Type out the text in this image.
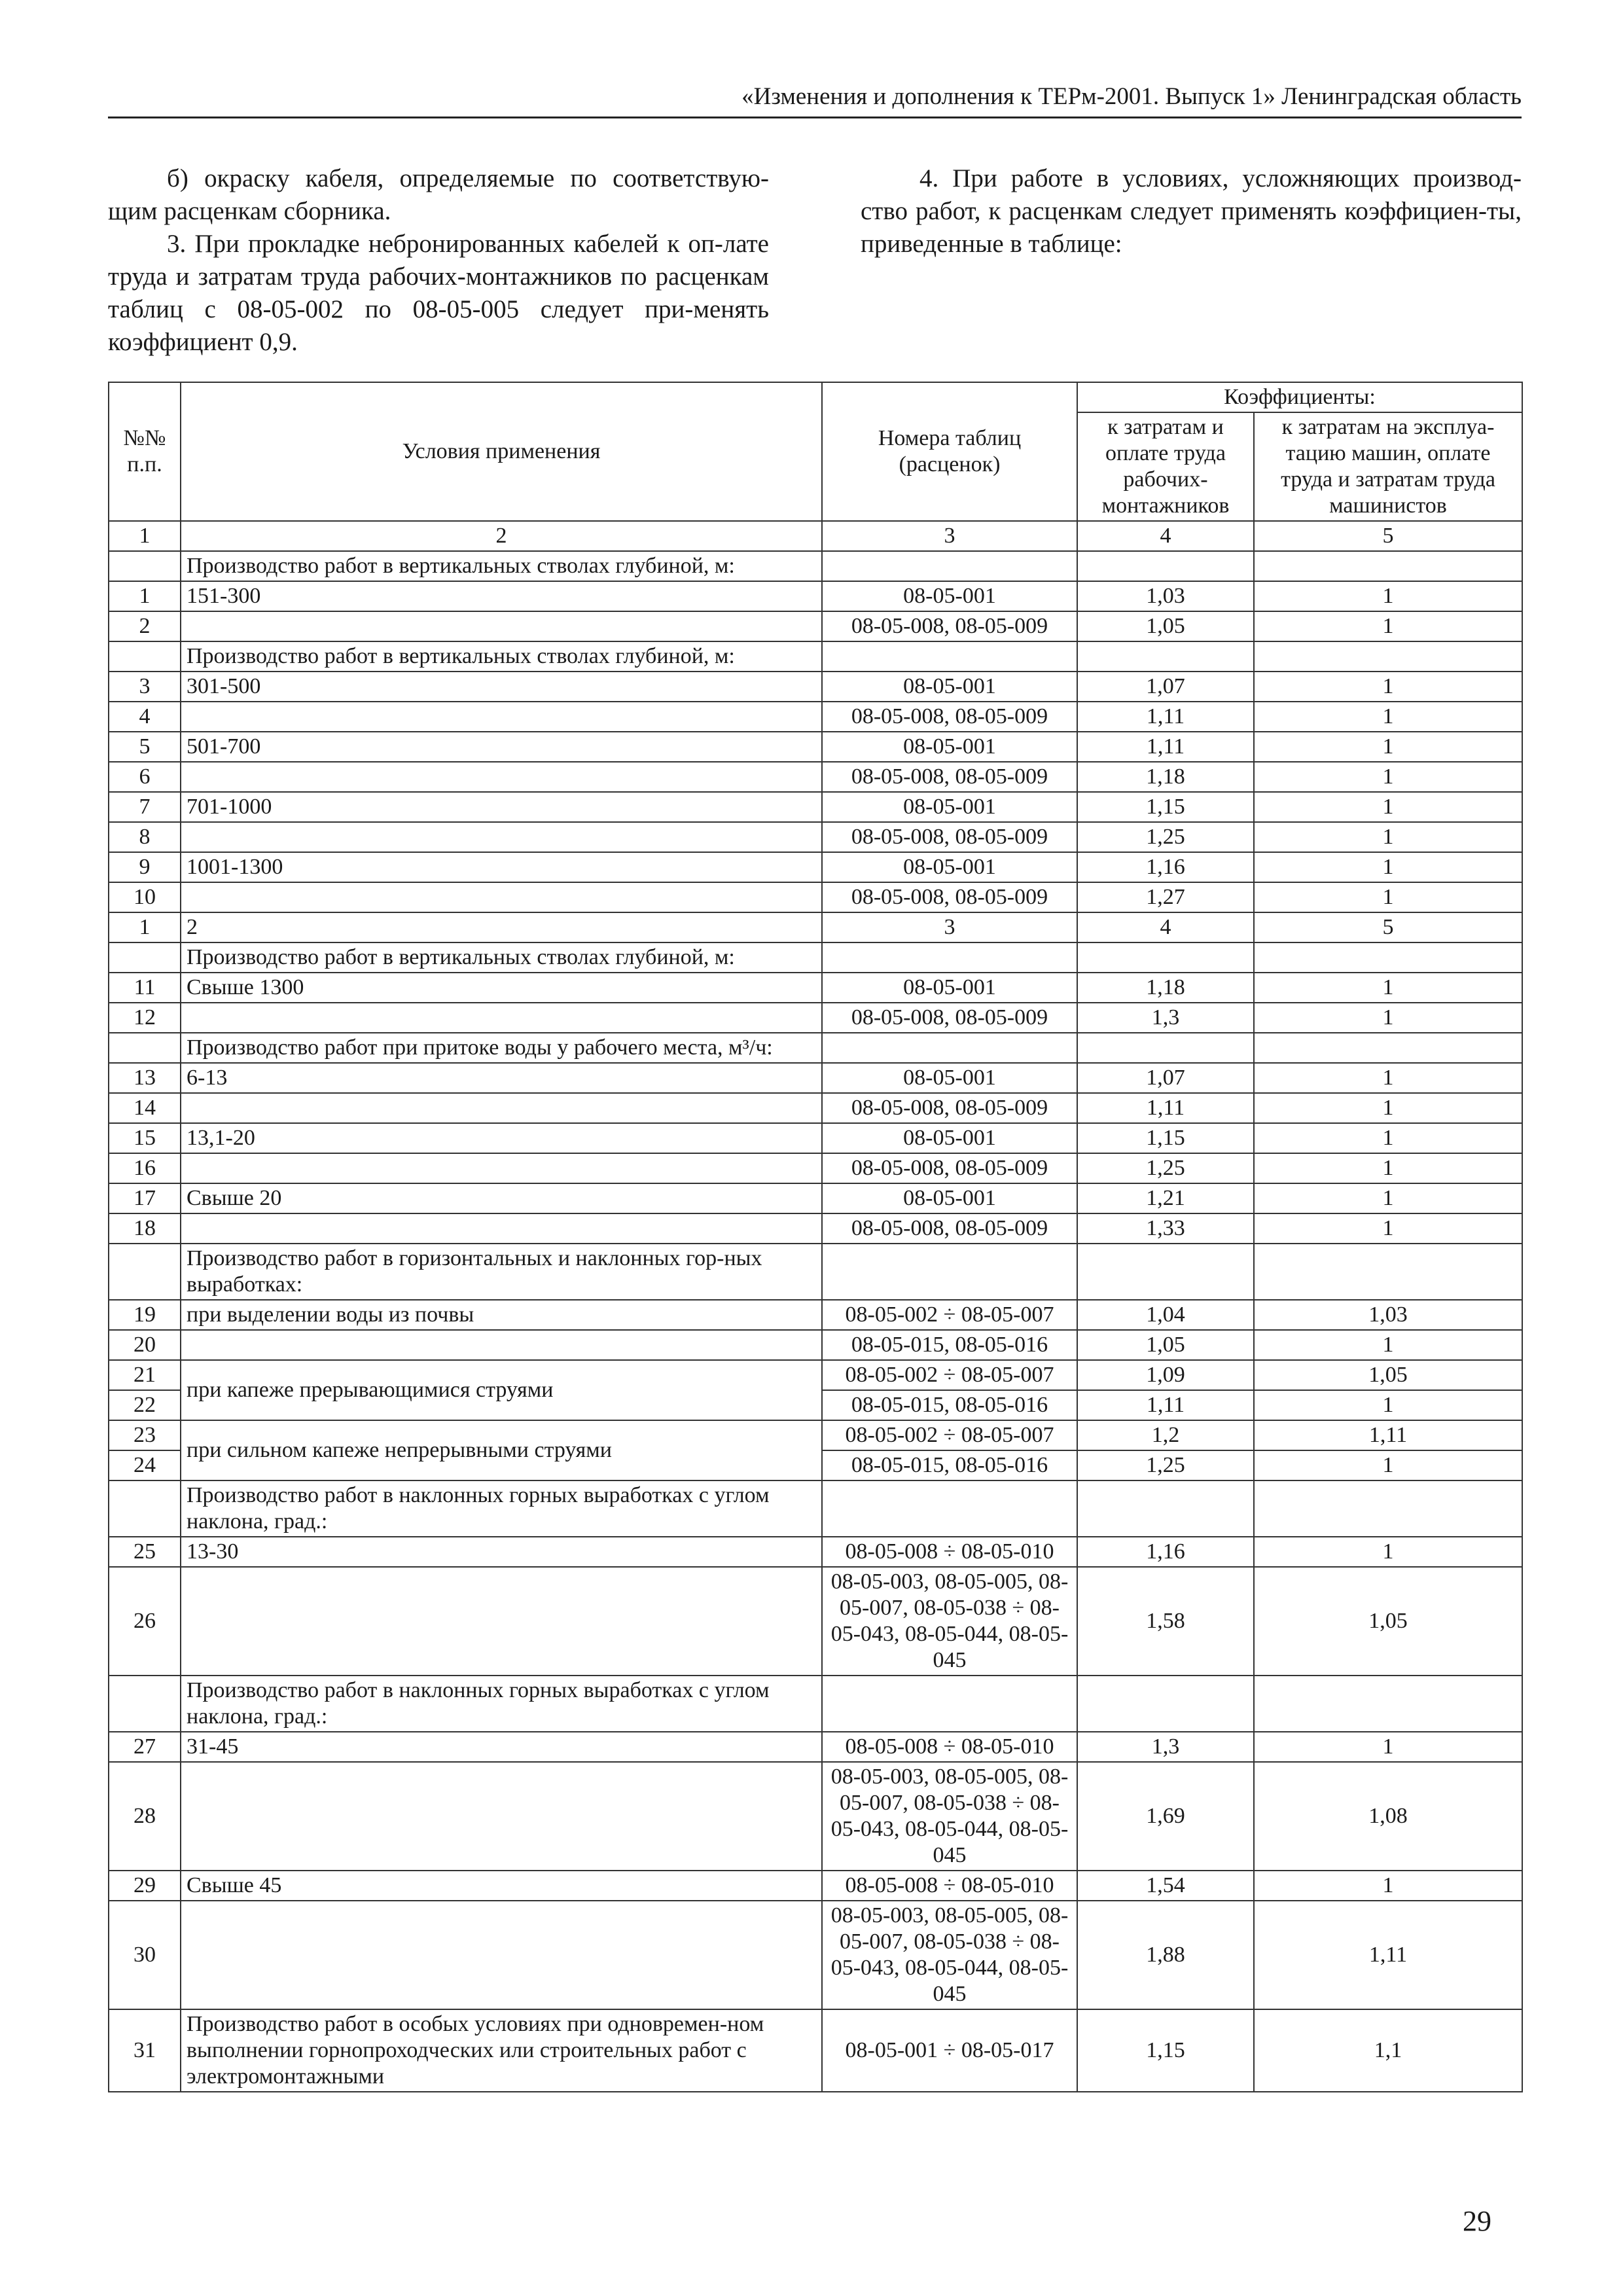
«Изменения и дополнения к ТЕРм-2001. Выпуск 1» Ленинградская область

б) окраску кабеля, определяемые по соответствую-щим расценкам сборника.

3. При прокладке небронированных кабелей к оп-лате труда и затратам труда рабочих-монтажников по расценкам таблиц с 08-05-002 по 08-05-005 следует при-менять коэффициент 0,9.

4. При работе в условиях, усложняющих производ-ство работ, к расценкам следует применять коэффициен-ты, приведенные в таблице:

№№ п.п.	Условия применения	Номера таблиц (расценок)	Коэффициенты:	
			к затратам и оплате труда рабочих-монтажников	к затратам на эксплуа-тацию машин, оплате труда и затратам труда машинистов
1	2	3	4	5
	Производство работ в вертикальных стволах глубиной, м:			
1	151-300	08-05-001	1,03	1
2		08-05-008, 08-05-009	1,05	1
	Производство работ в вертикальных стволах глубиной, м:			
3	301-500	08-05-001	1,07	1
4		08-05-008, 08-05-009	1,11	1
5	501-700	08-05-001	1,11	1
6		08-05-008, 08-05-009	1,18	1
7	701-1000	08-05-001	1,15	1
8		08-05-008, 08-05-009	1,25	1
9	1001-1300	08-05-001	1,16	1
10		08-05-008, 08-05-009	1,27	1
1	2	3	4	5
	Производство работ в вертикальных стволах глубиной, м:			
11	Свыше 1300	08-05-001	1,18	1
12		08-05-008, 08-05-009	1,3	1
	Производство работ при притоке воды у рабочего места, м³/ч:			
13	6-13	08-05-001	1,07	1
14		08-05-008, 08-05-009	1,11	1
15	13,1-20	08-05-001	1,15	1
16		08-05-008, 08-05-009	1,25	1
17	Свыше 20	08-05-001	1,21	1
18		08-05-008, 08-05-009	1,33	1
	Производство работ в горизонтальных и наклонных гор-ных выработках:			
19	при выделении воды из почвы	08-05-002 ÷ 08-05-007	1,04	1,03
20		08-05-015, 08-05-016	1,05	1
21	при капеже прерывающимися струями	08-05-002 ÷ 08-05-007	1,09	1,05
22		08-05-015, 08-05-016	1,11	1
23	при сильном капеже непрерывными струями	08-05-002 ÷ 08-05-007	1,2	1,11
24		08-05-015, 08-05-016	1,25	1
	Производство работ в наклонных горных выработках с углом наклона, град.:			
25	13-30	08-05-008 ÷ 08-05-010	1,16	1
26		08-05-003, 08-05-005, 08-05-007, 08-05-038 ÷ 08-05-043, 08-05-044, 08-05-045	1,58	1,05
	Производство работ в наклонных горных выработках с углом наклона, град.:			
27	31-45	08-05-008 ÷ 08-05-010	1,3	1
28		08-05-003, 08-05-005, 08-05-007, 08-05-038 ÷ 08-05-043, 08-05-044, 08-05-045	1,69	1,08
29	Свыше 45	08-05-008 ÷ 08-05-010	1,54	1
30		08-05-003, 08-05-005, 08-05-007, 08-05-038 ÷ 08-05-043, 08-05-044, 08-05-045	1,88	1,11
31	Производство работ в особых условиях при одновремен-ном выполнении горнопроходческих или строительных работ с электромонтажными	08-05-001 ÷ 08-05-017	1,15	1,1
29
